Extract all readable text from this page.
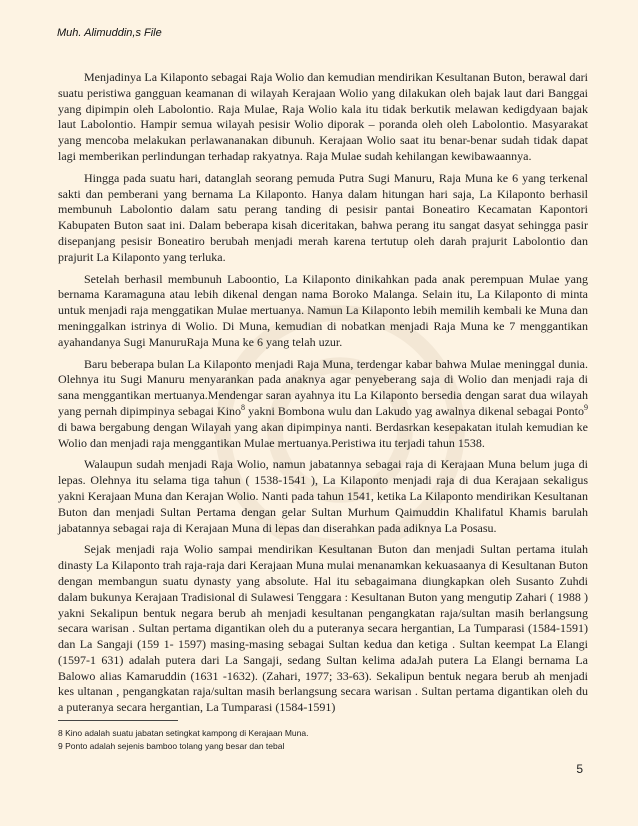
Muh. Alimuddin,s File

Menjadinya La Kilaponto sebagai Raja Wolio dan kemudian mendirikan Kesultanan Buton, berawal dari suatu peristiwa gangguan keamanan di wilayah Kerajaan Wolio yang dilakukan oleh bajak laut dari Banggai yang dipimpin oleh Labolontio. Raja Mulae, Raja Wolio kala itu tidak berkutik melawan kedigdyaan bajak laut Labolontio. Hampir semua wilayah pesisir Wolio diporak – poranda oleh oleh Labolontio. Masyarakat yang mencoba melakukan perlawananakan dibunuh. Kerajaan Wolio saat itu benar-benar sudah tidak dapat lagi memberikan perlindungan terhadap rakyatnya. Raja Mulae sudah kehilangan kewibawaannya.

Hingga pada suatu hari, datanglah seorang pemuda Putra Sugi Manuru, Raja Muna ke 6 yang terkenal sakti dan pemberani yang bernama La Kilaponto. Hanya dalam hitungan hari saja, La Kilaponto berhasil membunuh Labolontio dalam satu perang tanding di pesisir pantai Boneatiro Kecamatan Kapontori Kabupaten Buton saat ini. Dalam beberapa kisah diceritakan, bahwa perang itu sangat dasyat sehingga pasir disepanjang pesisir Boneatiro berubah menjadi merah karena tertutup oleh darah prajurit Labolontio dan prajurit La Kilaponto yang terluka.

Setelah berhasil membunuh Laboontio, La Kilaponto dinikahkan pada anak perempuan Mulae yang bernama Karamaguna atau lebih dikenal dengan nama Boroko Malanga. Selain itu, La Kilaponto di minta untuk menjadi raja menggatikan Mulae mertuanya. Namun La Kilaponto lebih memilih kembali ke Muna dan meninggalkan istrinya di Wolio. Di Muna, kemudian di nobatkan menjadi Raja Muna ke 7 menggantikan ayahandanya Sugi ManuruRaja Muna ke 6 yang telah uzur.

Baru beberapa bulan La Kilaponto menjadi Raja Muna, terdengar kabar bahwa Mulae meninggal dunia. Olehnya itu Sugi Manuru menyarankan pada anaknya agar penyeberang saja di Wolio dan menjadi raja di sana menggantikan mertuanya.Mendengar saran ayahnya itu La Kilaponto bersedia dengan sarat dua wilayah yang pernah dipimpinya sebagai Kino$^8$ yakni Bombona wulu dan Lakudo yag awalnya dikenal sebagai Ponto$^9$ di bawa bergabung dengan Wilayah yang akan dipimpinya nanti. Berdasrkan kesepakatan itulah kemudian ke Wolio dan menjadi raja menggantikan Mulae mertuanya.Peristiwa itu terjadi tahun 1538.

Walaupun sudah menjadi Raja Wolio, namun jabatannya sebagai raja di Kerajaan Muna belum juga di lepas. Olehnya itu selama tiga tahun ( 1538-1541 ), La Kilaponto menjadi raja di dua Kerajaan sekaligus yakni Kerajaan Muna dan Kerajan Wolio. Nanti pada tahun 1541, ketika La Kilaponto mendirikan Kesultanan Buton dan menjadi Sultan Pertama dengan gelar Sultan Murhum Qaimuddin Khalifatul Khamis barulah jabatannya sebagai raja di Kerajaan Muna di lepas dan diserahkan pada adiknya La Posasu.

Sejak menjadi raja Wolio sampai mendirikan Kesultanan Buton dan menjadi Sultan pertama itulah dinasty La Kilaponto trah raja-raja dari Kerajaan Muna mulai menanamkan kekuasaanya di Kesultanan Buton dengan membangun suatu dynasty yang absolute. Hal itu sebagaimana diungkapkan oleh Susanto Zuhdi dalam bukunya Kerajaan Tradisional di Sulawesi Tenggara : Kesultanan Buton yang mengutip Zahari ( 1988 ) yakni Sekalipun bentuk negara berub ah menjadi kesultanan pengangkatan raja/sultan masih berlangsung secara warisan . Sultan pertama digantikan oleh du a puteranya secara hergantian, La Tumparasi (1584-1591) dan La Sangaji (159 1- 1597) masing-masing sebagai Sultan kedua dan ketiga . Sultan keempat La Elangi (1597-1 631) adalah putera dari La Sangaji, sedang Sultan kelima adaJah putera La Elangi bernama La Balowo alias Kamaruddin (1631 -1632). (Zahari, 1977; 33-63). Sekalipun bentuk negara berub ah menjadi kes ultanan , pengangkatan raja/sultan masih berlangsung secara warisan . Sultan pertama digantikan oleh du a puteranya secara hergantian, La Tumparasi (1584-1591)

8 Kino adalah suatu jabatan setingkat kampong di Kerajaan Muna.
9 Ponto adalah sejenis bamboo tolang yang besar dan tebal
5
